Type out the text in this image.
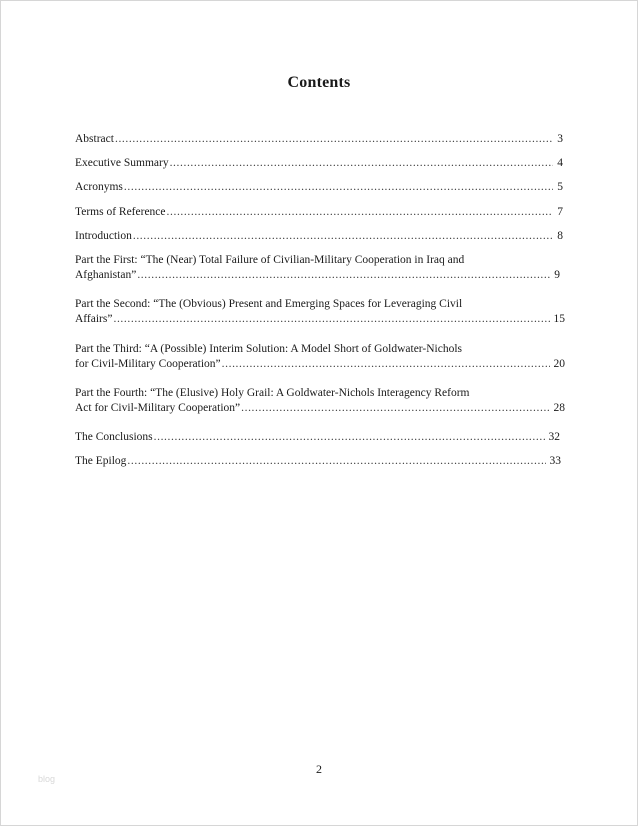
Contents
Abstract .....	3
Executive Summary .....	4
Acronyms .....	5
Terms of Reference .....	7
Introduction .....	8
Part the First: “The (Near) Total Failure of Civilian-Military Cooperation in Iraq and
Afghanistan” .....	9
Part the Second: “The (Obvious) Present and Emerging Spaces for Leveraging Civil
Affairs” .....	15
Part the Third: “A (Possible) Interim Solution: A Model Short of Goldwater-Nichols
for Civil-Military Cooperation” .....	20
Part the Fourth: “The (Elusive) Holy Grail: A Goldwater-Nichols Interagency Reform
Act for Civil-Military Cooperation” .....	28
The Conclusions .....	32
The Epilog .....	33
2
blog
